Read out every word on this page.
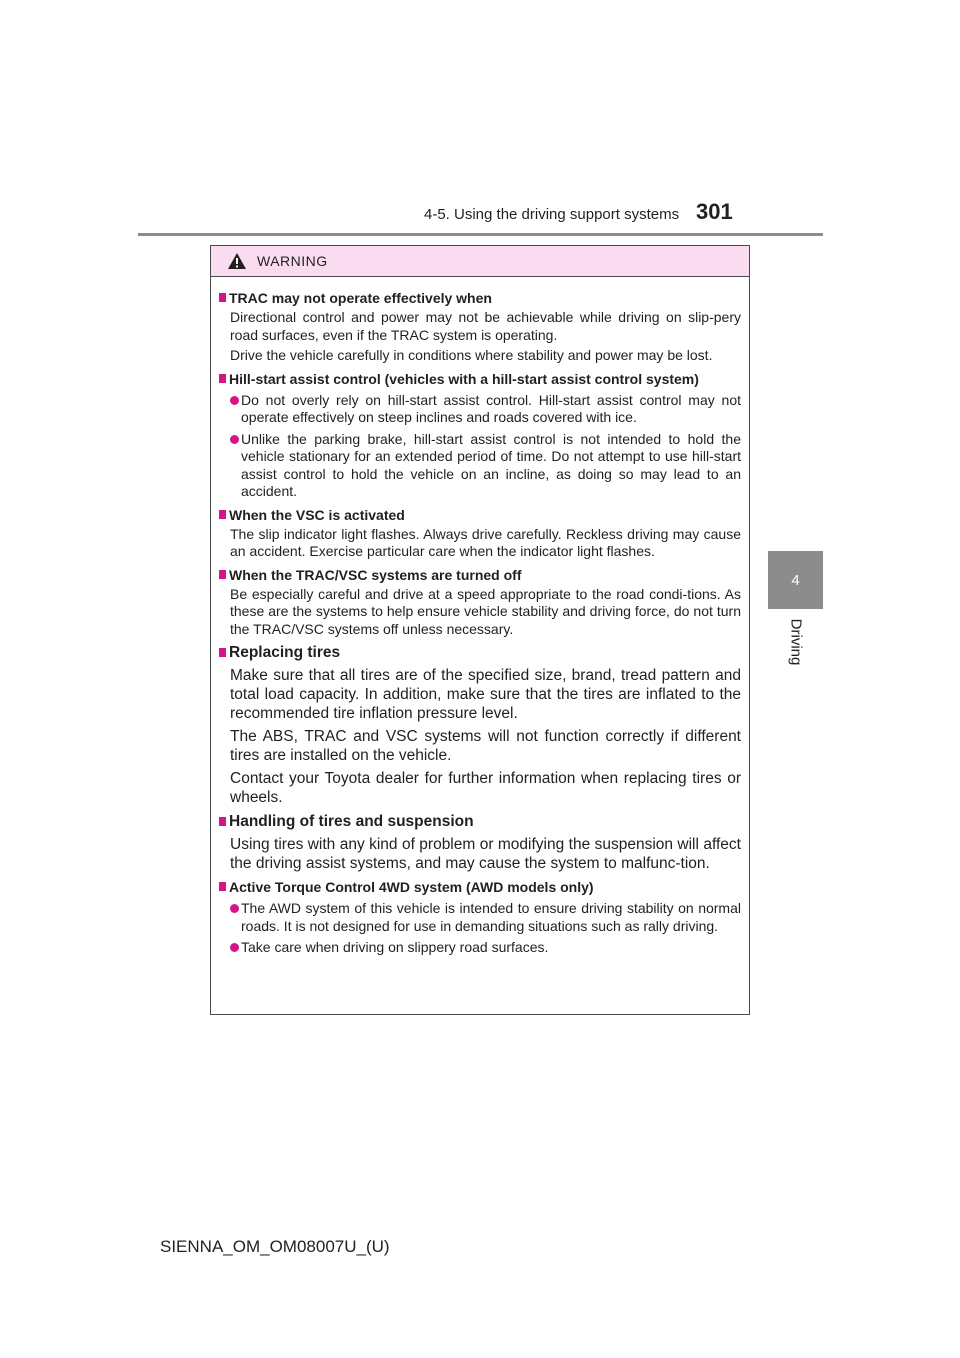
4-5. Using the driving support systems 301
4
Driving
WARNING
TRAC may not operate effectively when
Directional control and power may not be achievable while driving on slip-pery road surfaces, even if the TRAC system is operating.
Drive the vehicle carefully in conditions where stability and power may be lost.
Hill-start assist control (vehicles with a hill-start assist control system)
Do not overly rely on hill-start assist control. Hill-start assist control may not operate effectively on steep inclines and roads covered with ice.
Unlike the parking brake, hill-start assist control is not intended to hold the vehicle stationary for an extended period of time. Do not attempt to use hill-start assist control to hold the vehicle on an incline, as doing so may lead to an accident.
When the VSC is activated
The slip indicator light flashes. Always drive carefully. Reckless driving may cause an accident. Exercise particular care when the indicator light flashes.
When the TRAC/VSC systems are turned off
Be especially careful and drive at a speed appropriate to the road condi-tions. As these are the systems to help ensure vehicle stability and driving force, do not turn the TRAC/VSC systems off unless necessary.
Replacing tires
Make sure that all tires are of the specified size, brand, tread pattern and total load capacity. In addition, make sure that the tires are inflated to the recommended tire inflation pressure level.
The ABS, TRAC and VSC systems will not function correctly if different tires are installed on the vehicle.
Contact your Toyota dealer for further information when replacing tires or wheels.
Handling of tires and suspension
Using tires with any kind of problem or modifying the suspension will affect the driving assist systems, and may cause the system to malfunc-tion.
Active Torque Control 4WD system (AWD models only)
The AWD system of this vehicle is intended to ensure driving stability on normal roads. It is not designed for use in demanding situations such as rally driving.
Take care when driving on slippery road surfaces.
SIENNA_OM_OM08007U_(U)
